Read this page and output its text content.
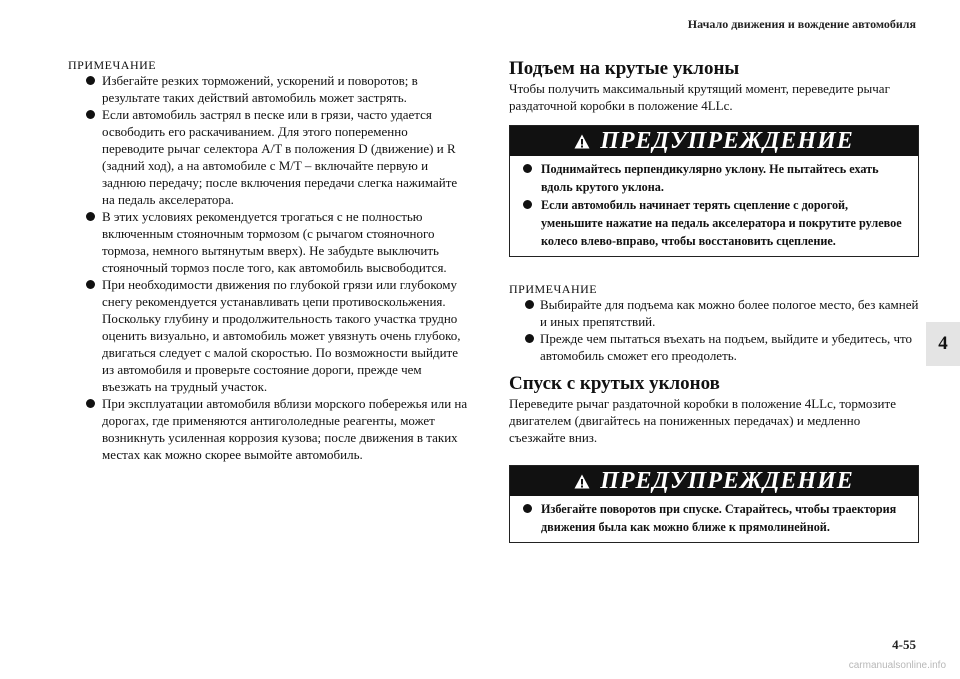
Начало движения и вождение автомобиля
ПРИМЕЧАНИЕ
Избегайте резких торможений, ускорений и поворотов; в результате таких действий автомобиль может застрять.
Если автомобиль застрял в песке или в грязи, часто удается освободить его раскачиванием. Для этого попеременно переводите рычаг селектора A/T в положения D (движение) и R (задний ход), а на автомобиле с M/T – включайте первую и заднюю передачу; после включения передачи слегка нажимайте на педаль акселератора.
В этих условиях рекомендуется трогаться с не полностью включенным стояночным тормозом (с рычагом стояночного тормоза, немного вытянутым вверх). Не забудьте выключить стояночный тормоз после того, как автомобиль высвободится.
При необходимости движения по глубокой грязи или глубокому снегу рекомендуется устанавливать цепи противоскольжения. Поскольку глубину и продолжительность такого участка трудно оценить визуально, и автомобиль может увязнуть очень глубоко, двигаться следует с малой скоростью. По возможности выйдите из автомобиля и проверьте состояние дороги, прежде чем въезжать на трудный участок.
При эксплуатации автомобиля вблизи морского побережья или на дорогах, где применяются антигололедные реагенты, может возникнуть усиленная коррозия кузова; после движения в таких местах как можно скорее вымойте автомобиль.
Подъем на крутые уклоны

Чтобы получить максимальный крутящий момент, переведите рычаг раздаточной коробки в положение 4LLc.

ПРЕДУПРЕЖДЕНИЕ
Поднимайтесь перпендикулярно уклону. Не пытайтесь ехать вдоль крутого уклона.
Если автомобиль начинает терять сцепление с дорогой, уменьшите нажатие на педаль акселератора и покрутите рулевое колесо влево-вправо, чтобы восстановить сцепление.
ПРИМЕЧАНИЕ
Выбирайте для подъема как можно более пологое место, без камней и иных препятствий.
Прежде чем пытаться въехать на подъем, выйдите и убедитесь, что автомобиль сможет его преодолеть.
Спуск с крутых уклонов

Переведите рычаг раздаточной коробки в положение 4LLc, тормозите двигателем (двигайтесь на пониженных передачах) и медленно съезжайте вниз.

ПРЕДУПРЕЖДЕНИЕ
Избегайте поворотов при спуске. Старайтесь, чтобы траектория движения была как можно ближе к прямолинейной.
4
4-55
carmanualsonline.info
